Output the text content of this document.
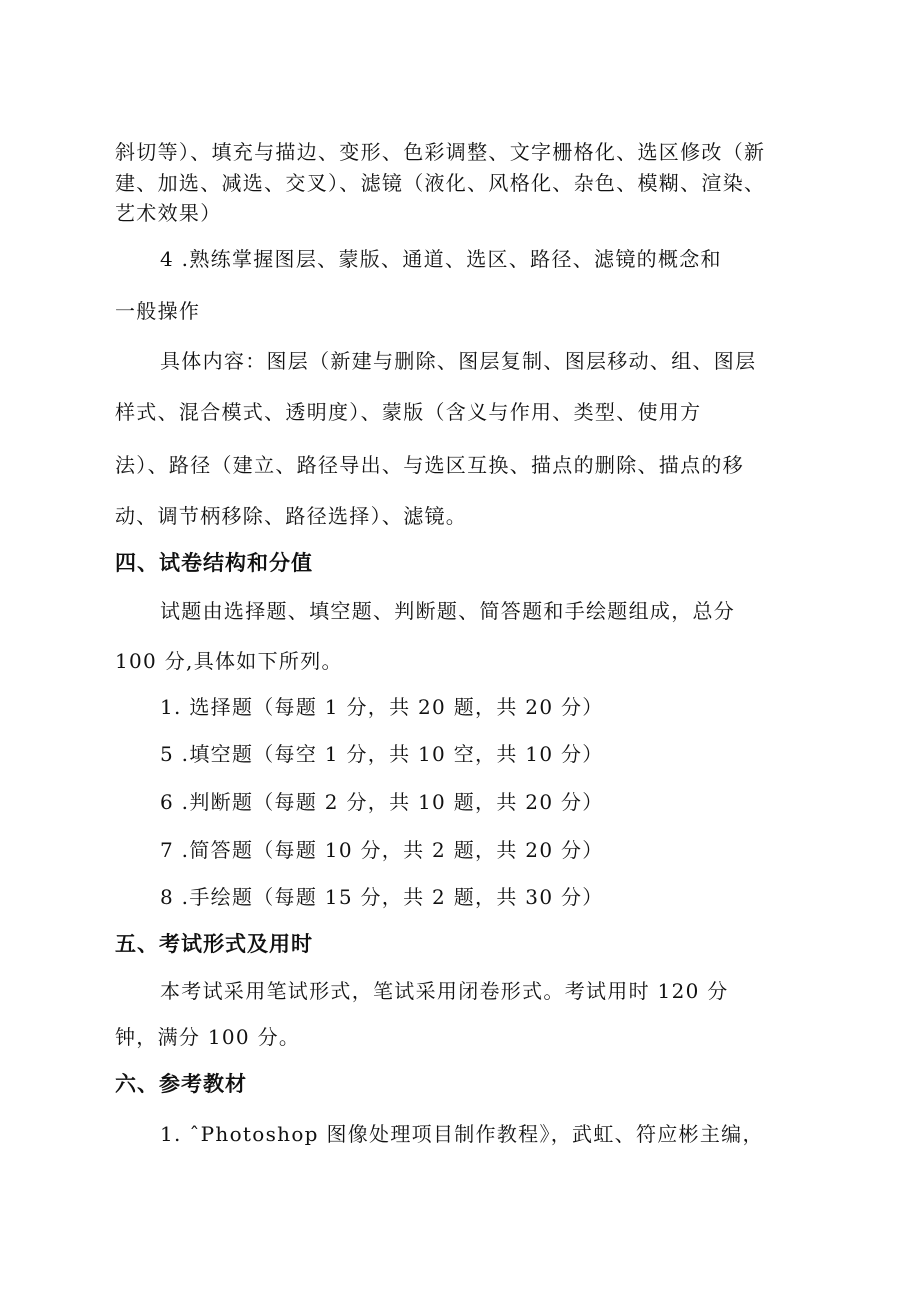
斜切等）、填充与描边、变形、色彩调整、文字栅格化、选区修改（新
建、加选、减选、交叉）、滤镜（液化、风格化、杂色、模糊、渲染、
艺术效果）
4 .熟练掌握图层、蒙版、通道、选区、路径、滤镜的概念和
一般操作
具体内容：图层（新建与删除、图层复制、图层移动、组、图层
样式、混合模式、透明度）、蒙版（含义与作用、类型、使用方
法）、路径（建立、路径导出、与选区互换、描点的删除、描点的移
动、调节柄移除、路径选择）、滤镜。
四、试卷结构和分值
试题由选择题、填空题、判断题、简答题和手绘题组成，总分
100 分,具体如下所列。
1. 选择题（每题 1 分，共 20 题，共 20 分）
5 .填空题（每空 1 分，共 10 空，共 10 分）
6 .判断题（每题 2 分，共 10 题，共 20 分）
7 .简答题（每题 10 分，共 2 题，共 20 分）
8 .手绘题（每题 15 分，共 2 题，共 30 分）
五、考试形式及用时
本考试采用笔试形式，笔试采用闭卷形式。考试用时 120 分
钟，满分 100 分。
六、参考教材
1. ˆPhotoshop 图像处理项目制作教程》，武虹、符应彬主编，
